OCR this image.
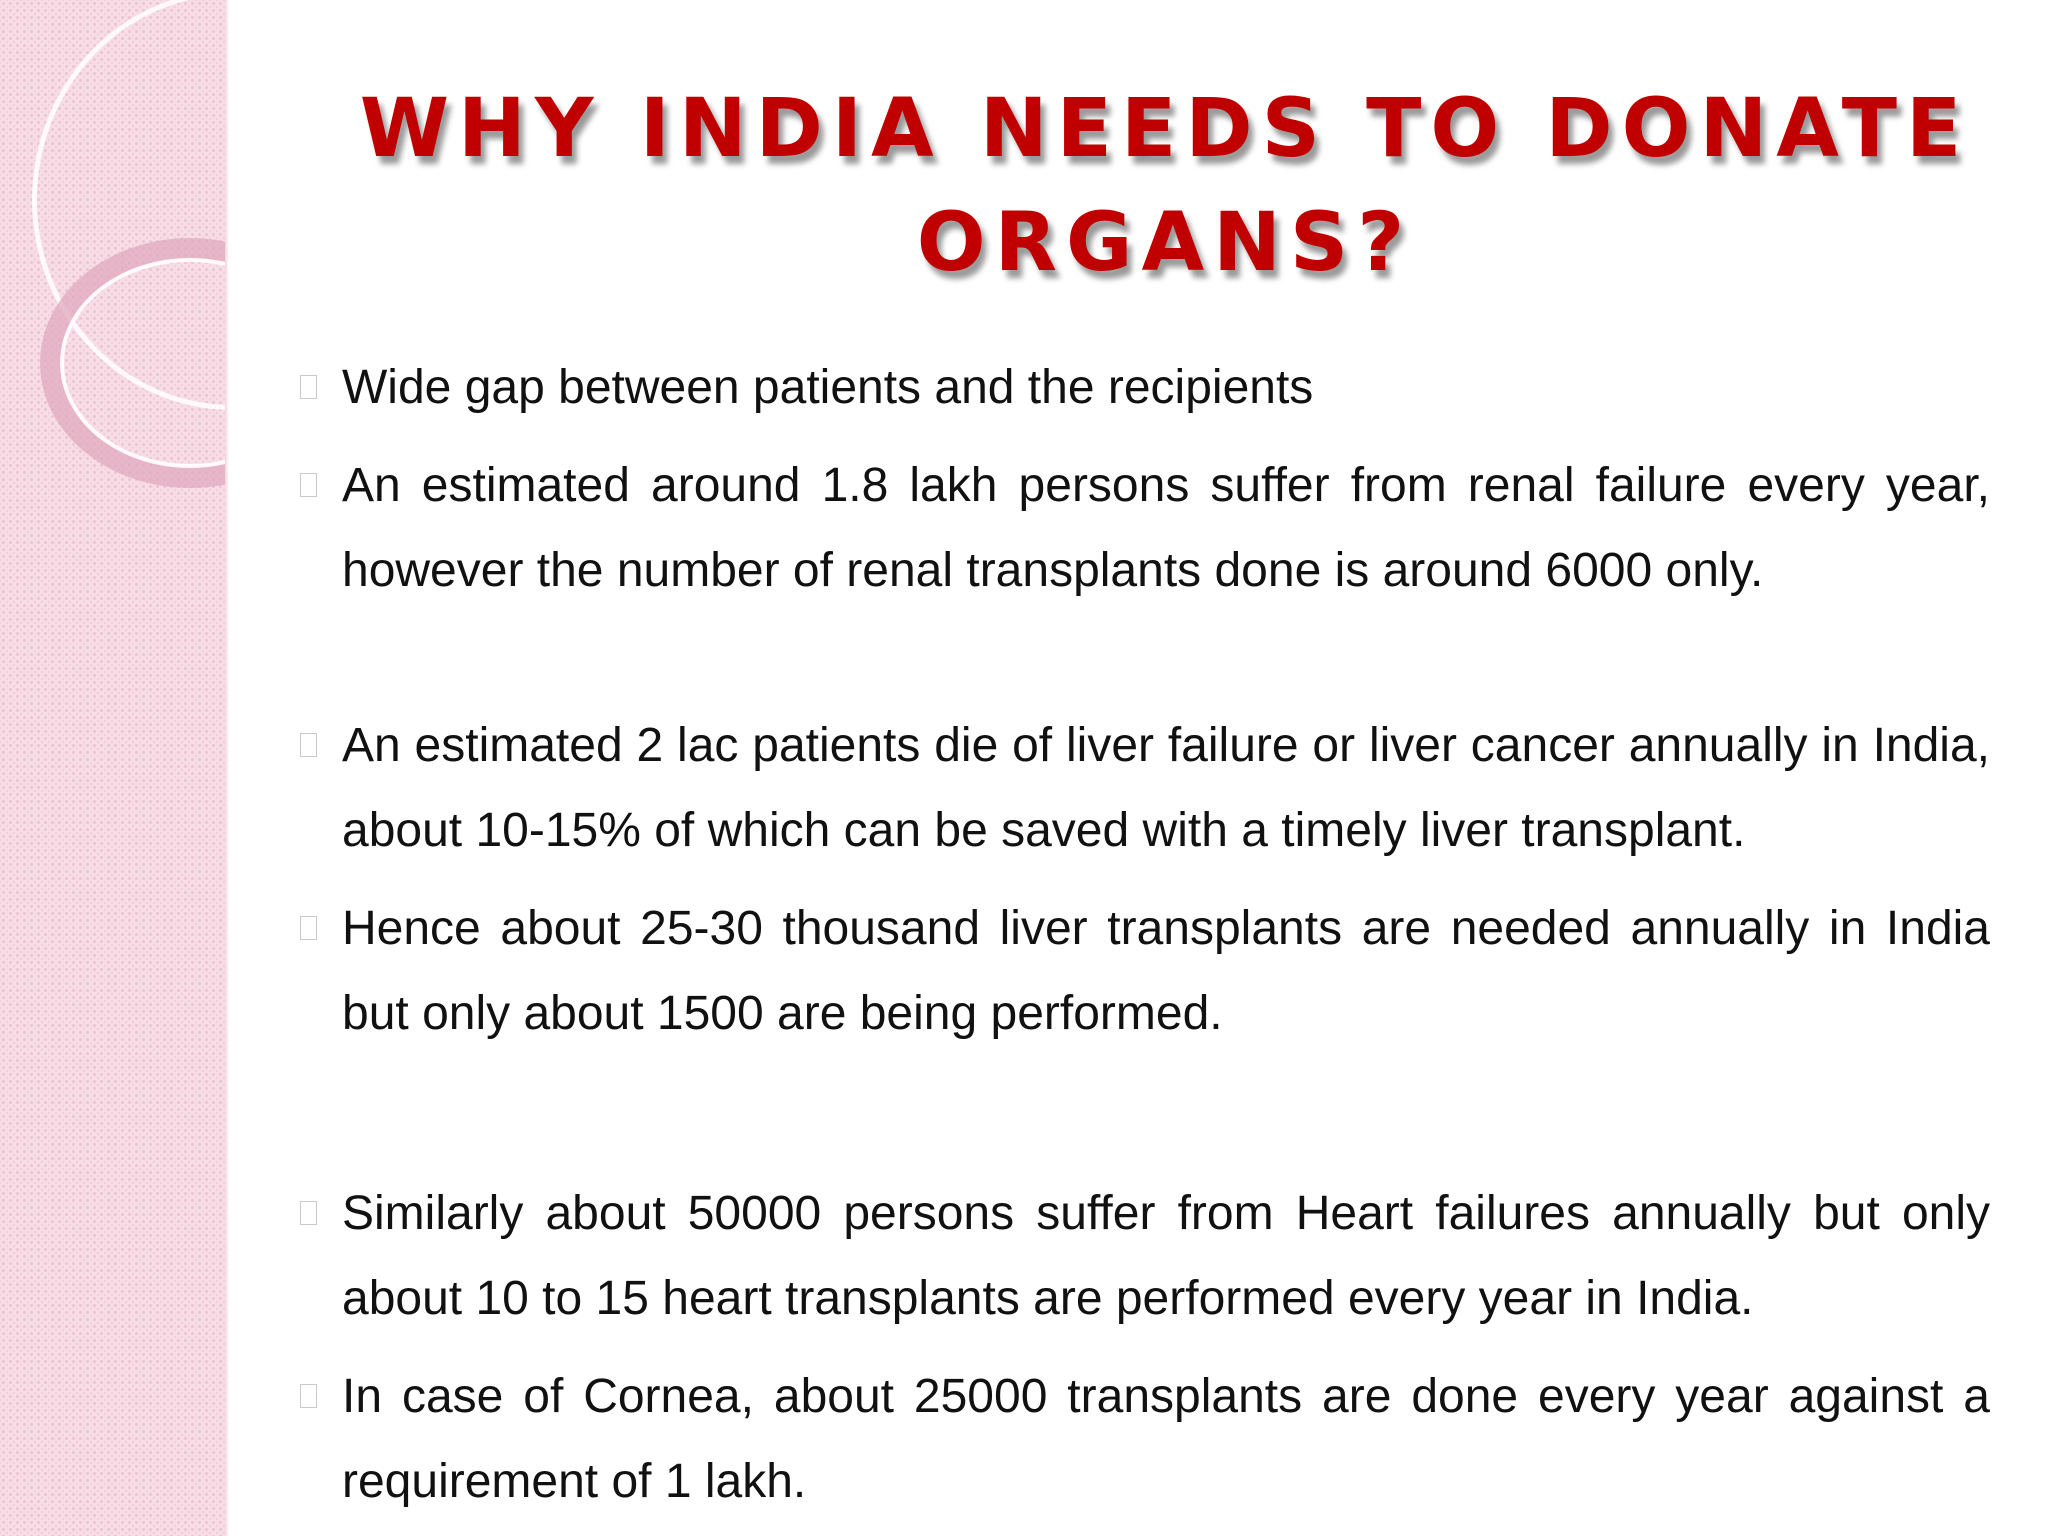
WHY INDIA NEEDS TO DONATE ORGANS?
Wide gap between patients and the recipients
An estimated around 1.8 lakh persons suffer from renal failure every year, however the number of renal transplants done is around 6000 only.
An estimated 2 lac patients die of liver failure or liver cancer annually in India, about 10-15% of which can be saved with a timely liver transplant.
Hence about 25-30 thousand liver transplants are needed annually in India but only about 1500 are being performed.
Similarly about 50000 persons suffer from Heart failures annually but only about 10 to 15 heart transplants are performed every year in India.
In case of Cornea, about 25000 transplants are done every year against a requirement of 1 lakh.
